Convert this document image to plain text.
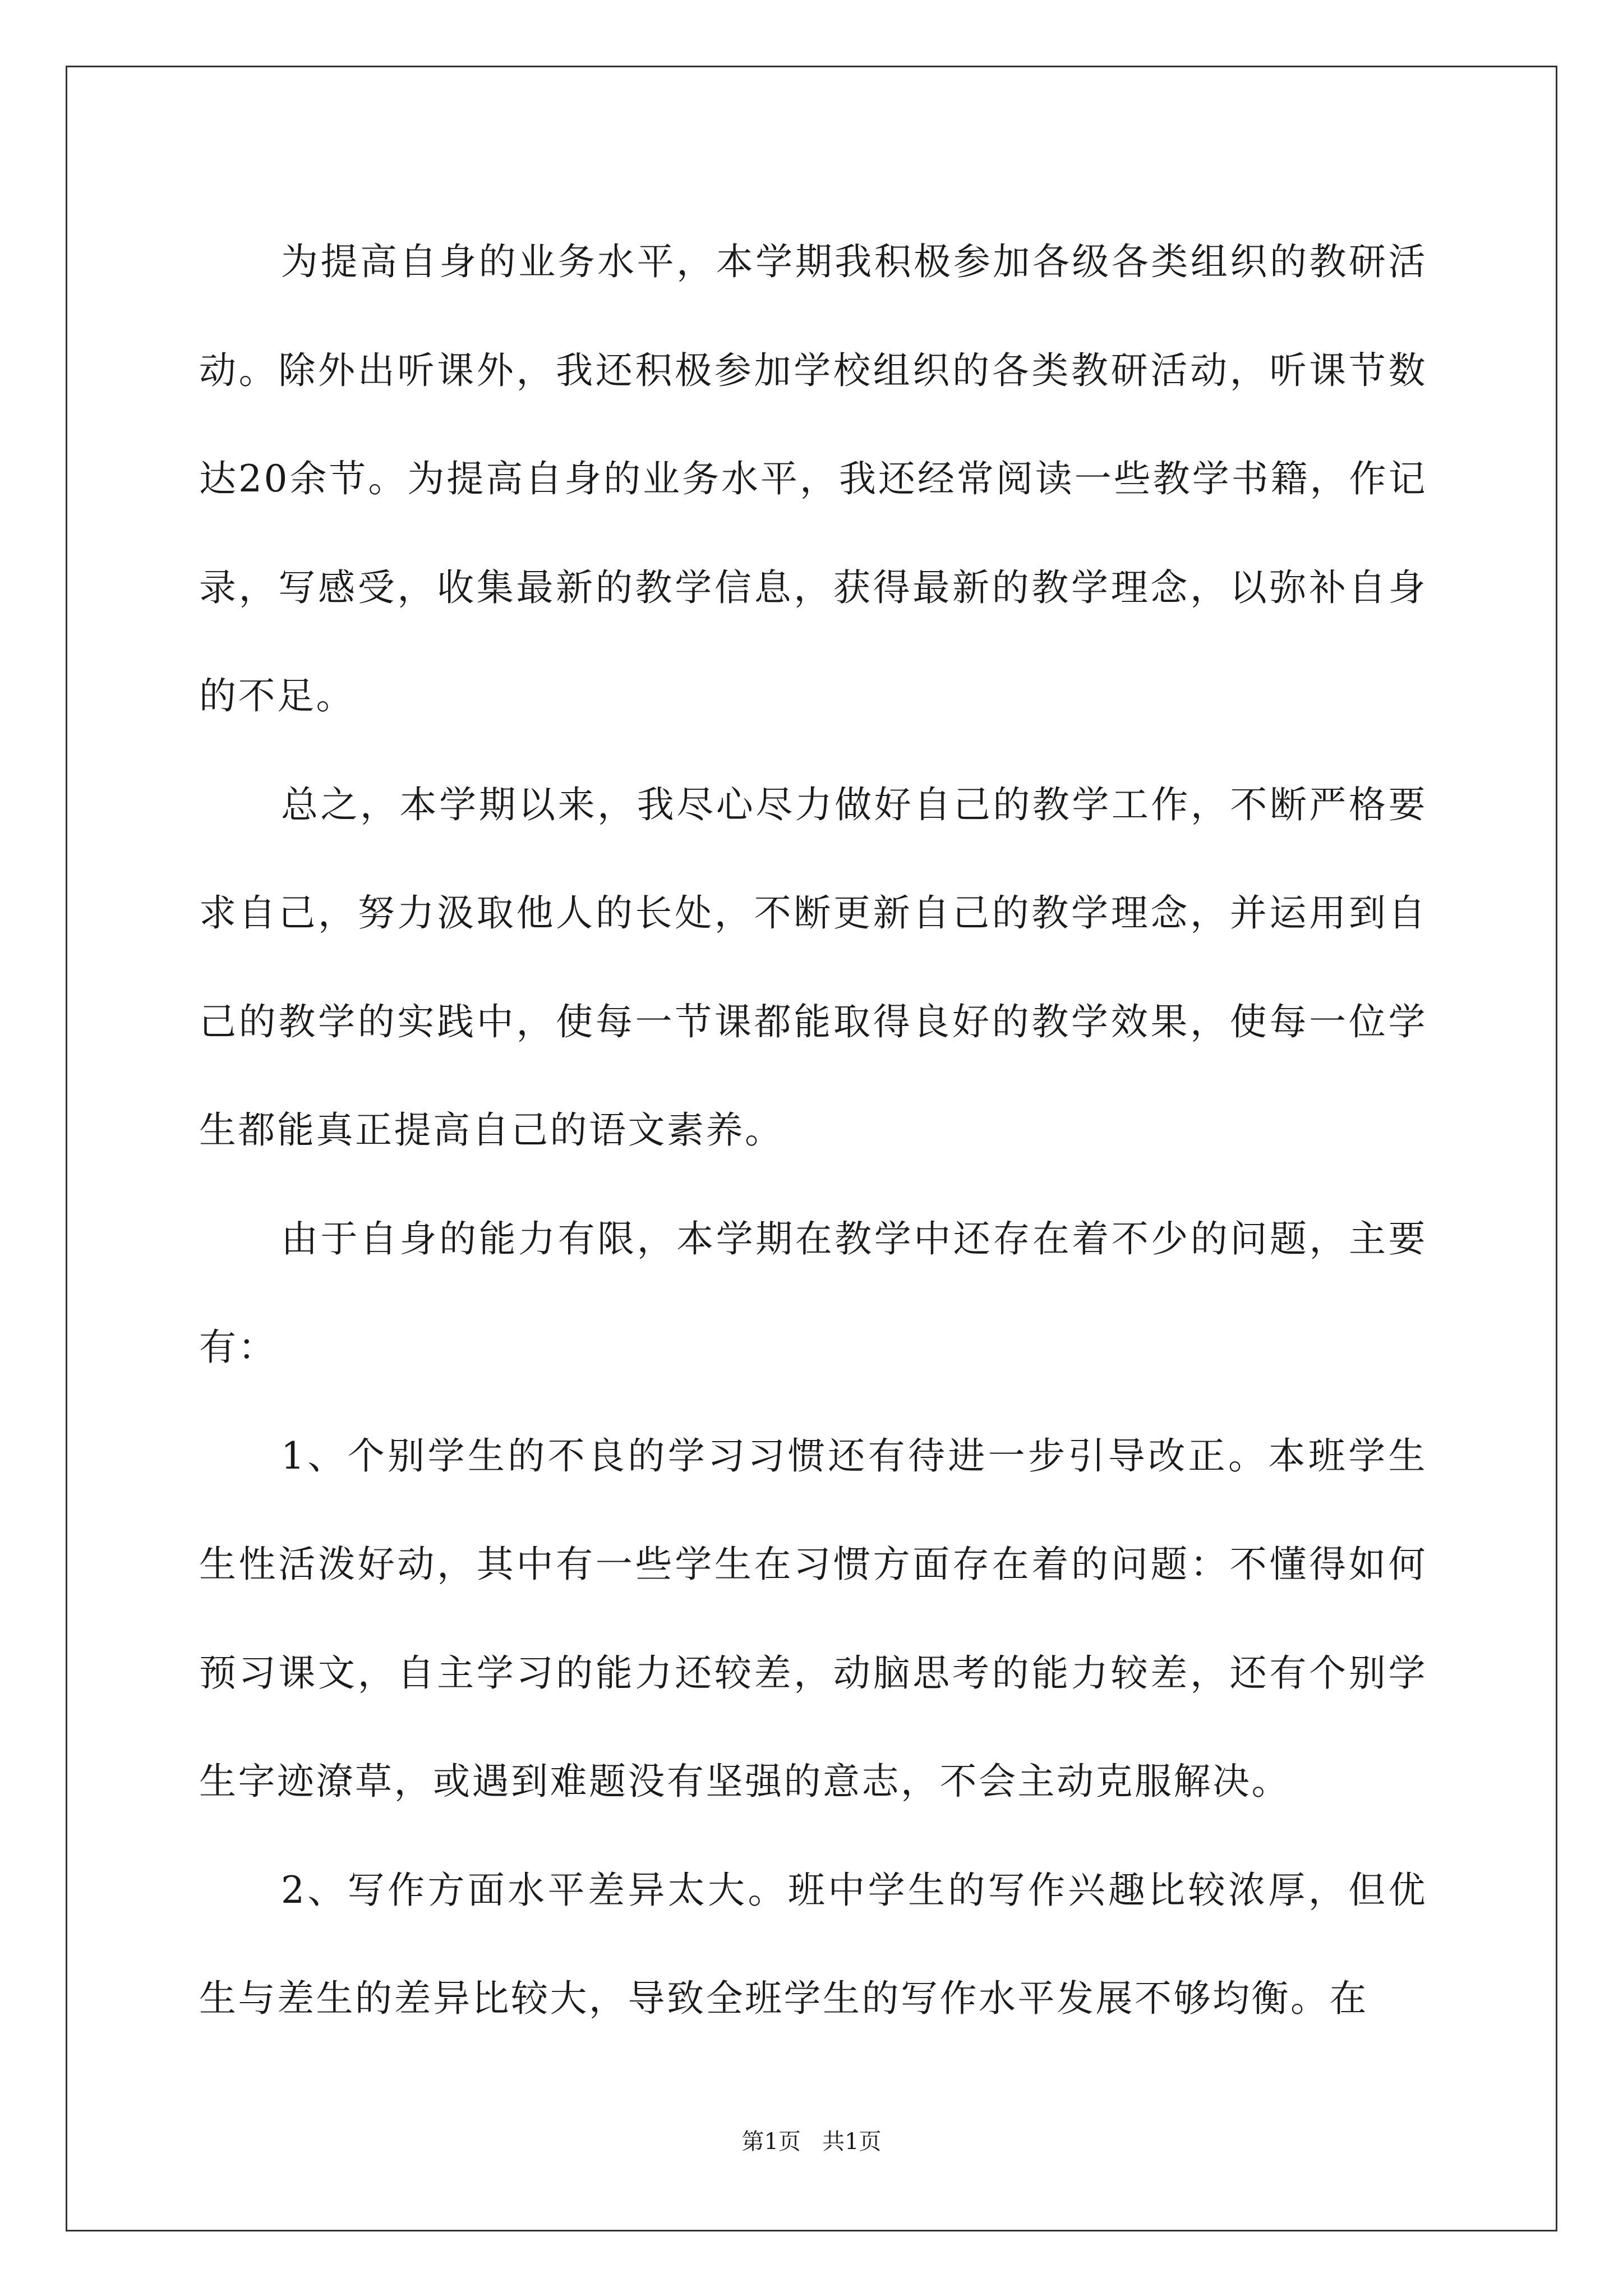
为提高自身的业务水平，本学期我积极参加各级各类组织的教研活动。除外出听课外，我还积极参加学校组织的各类教研活动，听课节数达20余节。为提高自身的业务水平，我还经常阅读一些教学书籍，作记录，写感受，收集最新的教学信息，获得最新的教学理念，以弥补自身的不足。

总之，本学期以来，我尽心尽力做好自己的教学工作，不断严格要求自己，努力汲取他人的长处，不断更新自己的教学理念，并运用到自己的教学的实践中，使每一节课都能取得良好的教学效果，使每一位学生都能真正提高自己的语文素养。

由于自身的能力有限，本学期在教学中还存在着不少的问题，主要有：

1、个别学生的不良的学习习惯还有待进一步引导改正。本班学生生性活泼好动，其中有一些学生在习惯方面存在着的问题：不懂得如何预习课文，自主学习的能力还较差，动脑思考的能力较差，还有个别学生字迹潦草，或遇到难题没有坚强的意志，不会主动克服解决。

2、写作方面水平差异太大。班中学生的写作兴趣比较浓厚，但优生与差生的差异比较大，导致全班学生的写作水平发展不够均衡。在

第1页 共1页
